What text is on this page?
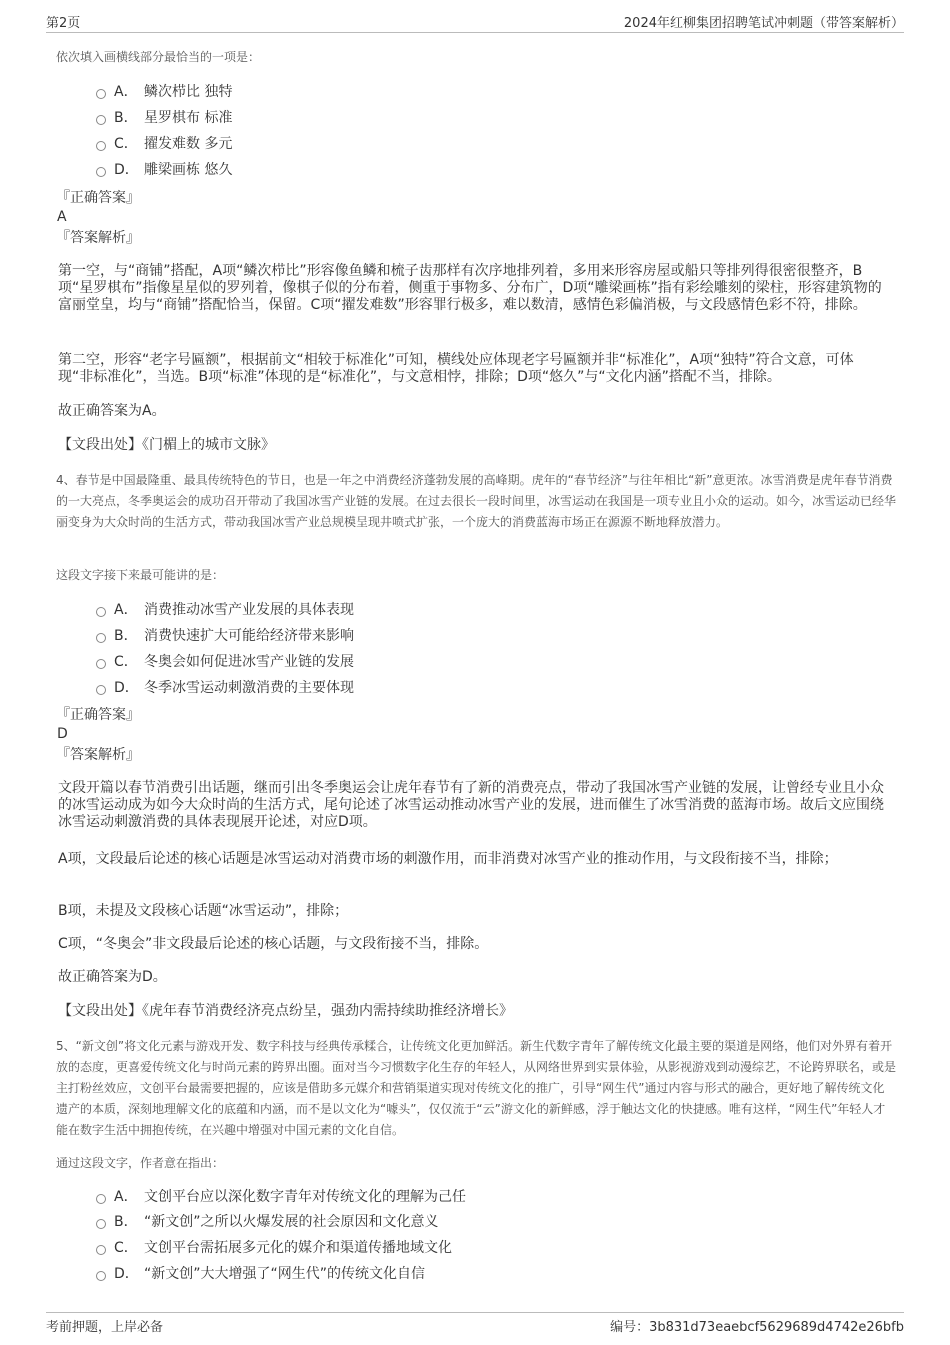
第2页	2024年红柳集团招聘笔试冲刺题（带答案解析）
依次填入画横线部分最恰当的一项是：
A． 鳞次栉比 独特
B． 星罗棋布 标准
C． 擢发难数 多元
D． 雕梁画栋 悠久
『正确答案』
A
『答案解析』
第一空，与“商铺”搭配，A项“鳞次栉比”形容像鱼鳞和梳子齿那样有次序地排列着，多用来形容房屋或船只等排列得很密很整齐，B项“星罗棋布”指像星星似的罗列着，像棋子似的分布着，侧重于事物多、分布广，D项“雕梁画栋”指有彩绘雕刻的梁柱，形容建筑物的富丽堂皇，均与“商铺”搭配恰当，保留。C项“擢发难数”形容罪行极多，难以数清，感情色彩偏消极，与文段感情色彩不符，排除。
第二空，形容“老字号匾额”，根据前文“相较于标准化”可知，横线处应体现老字号匾额并非“标准化”，A项“独特”符合文意，可体现“非标准化”，当选。B项“标准”体现的是“标准化”，与文意相悖，排除；D项“悠久”与“文化内涵”搭配不当，排除。
故正确答案为A。
【文段出处】《门楣上的城市文脉》
4、春节是中国最隆重、最具传统特色的节日，也是一年之中消费经济蓬勃发展的高峰期。虎年的“春节经济”与往年相比“新”意更浓。冰雪消费是虎年春节消费的一大亮点，冬季奥运会的成功召开带动了我国冰雪产业链的发展。在过去很长一段时间里，冰雪运动在我国是一项专业且小众的运动。如今，冰雪运动已经华丽变身为大众时尚的生活方式，带动我国冰雪产业总规模呈现井喷式扩张，一个庞大的消费蓝海市场正在源源不断地释放潜力。
这段文字接下来最可能讲的是：
A． 消费推动冰雪产业发展的具体表现
B． 消费快速扩大可能给经济带来影响
C． 冬奥会如何促进冰雪产业链的发展
D． 冬季冰雪运动刺激消费的主要体现
『正确答案』
D
『答案解析』
文段开篇以春节消费引出话题，继而引出冬季奥运会让虎年春节有了新的消费亮点，带动了我国冰雪产业链的发展，让曾经专业且小众的冰雪运动成为如今大众时尚的生活方式，尾句论述了冰雪运动推动冰雪产业的发展，进而催生了冰雪消费的蓝海市场。故后文应围绕冰雪运动刺激消费的具体表现展开论述，对应D项。
A项，文段最后论述的核心话题是冰雪运动对消费市场的刺激作用，而非消费对冰雪产业的推动作用，与文段衔接不当，排除；
B项，未提及文段核心话题“冰雪运动”，排除；
C项，“冬奥会”非文段最后论述的核心话题，与文段衔接不当，排除。
故正确答案为D。
【文段出处】《虎年春节消费经济亮点纷呈，强劲内需持续助推经济增长》
5、“新文创”将文化元素与游戏开发、数字科技与经典传承糅合，让传统文化更加鲜活。新生代数字青年了解传统文化最主要的渠道是网络，他们对外界有着开放的态度，更喜爱传统文化与时尚元素的跨界出圈。面对当今习惯数字化生存的年轻人，从网络世界到实景体验，从影视游戏到动漫综艺，不论跨界联名，或是主打粉丝效应，文创平台最需要把握的，应该是借助多元媒介和营销渠道实现对传统文化的推广，引导“网生代”通过内容与形式的融合，更好地了解传统文化遗产的本质，深刻地理解文化的底蕴和内涵，而不是以文化为“噱头”，仅仅流于“云”游文化的新鲜感，浮于触达文化的快捷感。唯有这样，“网生代”年轻人才能在数字生活中拥抱传统，在兴趣中增强对中国元素的文化自信。
通过这段文字，作者意在指出：
A． 文创平台应以深化数字青年对传统文化的理解为己任
B． “新文创”之所以火爆发展的社会原因和文化意义
C． 文创平台需拓展多元化的媒介和渠道传播地域文化
D． “新文创”大大增强了“网生代”的传统文化自信
考前押题，上岸必备	编号：3b831d73eaebcf5629689d4742e26bfb
